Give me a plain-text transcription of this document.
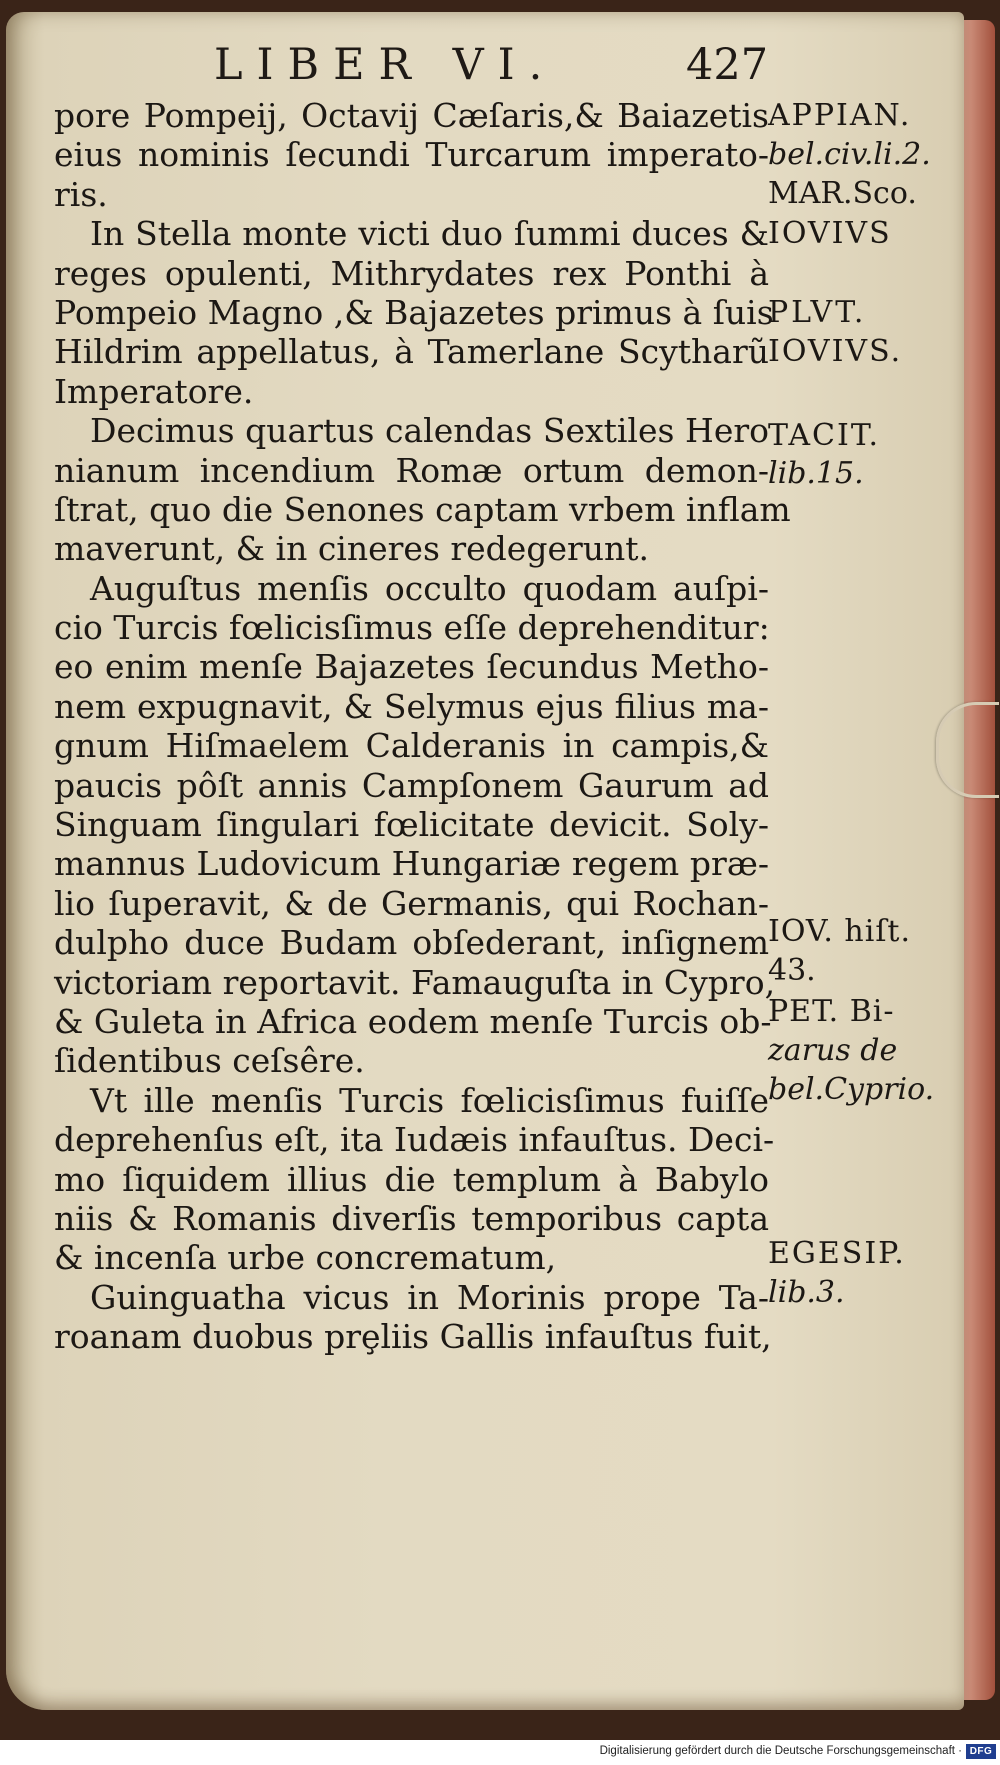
LIBER VI.	427
pore Pompeij, Octavij Cæſaris,& Baiazetis
eius nominis ſecundi Turcarum imperato-
ris.
In Stella monte victi duo ſummi duces &
reges opulenti, Mithrydates rex Ponthi à
Pompeio Magno ,& Bajazetes primus à ſuis
Hildrim appellatus, à Tamerlane Scytharũ
Imperatore.
Decimus quartus calendas Sextiles Hero
nianum incendium Romæ ortum demon-
ſtrat, quo die Senones captam vrbem inflam
maverunt, & in cineres redegerunt.
Auguſtus menſis occulto quodam auſpi-
cio Turcis fœlicisſimus eſſe deprehenditur:
eo enim menſe Bajazetes ſecundus Metho-
nem expugnavit, & Selymus ejus filius ma-
gnum Hiſmaelem Calderanis in campis,&
paucis pôſt annis Campſonem Gaurum ad
Singuam ſingulari fœlicitate devicit. Soly-
mannus Ludovicum Hungariæ regem præ-
lio ſuperavit, & de Germanis, qui Rochan-
dulpho duce Budam obſederant, inſignem
victoriam reportavit. Famauguſta in Cypro,
& Guleta in Africa eodem menſe Turcis ob-
ſidentibus ceſsêre.
Vt ille menſis Turcis fœlicisſimus fuiſſe
deprehenſus eſt, ita Iudæis infauſtus. Deci-
mo ſiquidem illius die templum à Babylo
niis & Romanis diverſis temporibus capta
& incenſa urbe concrematum,
Guinguatha vicus in Morinis prope Ta-
roanam duobus prȩliis Gallis infauſtus fuit,
APPIAN.
bel.civ.li.2.
MAR.Sco.
IOVIVS
PLVT.
IOVIVS.
TACIT.
lib.15.
IOV. hiſt.
43.
PET. Bi-
zarus de
bel.Cyprio.
EGESIP.
lib.3.
Digitalisierung gefördert durch die Deutsche Forschungsgemeinschaft · DFG
